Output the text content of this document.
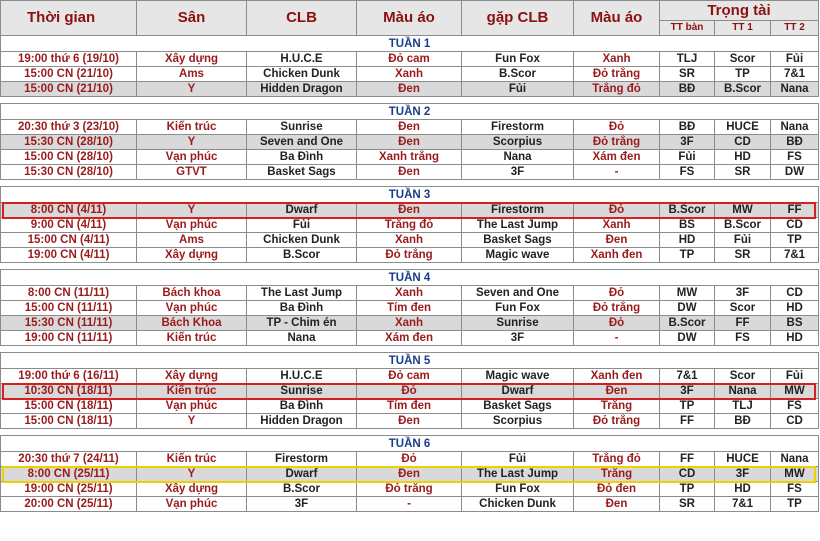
Thời gian	Sân	CLB	Màu áo	gặp CLB	Màu áo	Trọng tài		
						TT bàn	TT 1	TT 2
TUẦN 1								
19:00 thứ 6 (19/10)	Xây dựng	H.U.C.E	Đỏ cam	Fun Fox	Xanh	TLJ	Scor	Fủi
15:00 CN (21/10)	Ams	Chicken Dunk	Xanh	B.Scor	Đỏ trắng	SR	TP	7&1
15:00 CN (21/10)	Y	Hidden Dragon	Đen	Fủi	Trắng đỏ	BĐ	B.Scor	Nana

TUẦN 2								
20:30 thứ 3 (23/10)	Kiến trúc	Sunrise	Đen	Firestorm	Đỏ	BĐ	HUCE	Nana
15:30 CN (28/10)	Y	Seven and One	Đen	Scorpius	Đỏ trắng	3F	CD	BĐ
15:00 CN (28/10)	Vạn phúc	Ba Đình	Xanh trắng	Nana	Xám đen	Fủi	HD	FS
15:30 CN (28/10)	GTVT	Basket Sags	Đen	3F	-	FS	SR	DW

TUẦN 3								
8:00 CN (4/11)	Y	Dwarf	Đen	Firestorm	Đỏ	B.Scor	MW	FF
9:00 CN (4/11)	Vạn phúc	Fủi	Trắng đỏ	The Last Jump	Xanh	BS	B.Scor	CD
15:00 CN (4/11)	Ams	Chicken Dunk	Xanh	Basket Sags	Đen	HD	Fủi	TP
19:00 CN (4/11)	Xây dựng	B.Scor	Đỏ trắng	Magic wave	Xanh đen	TP	SR	7&1

TUẦN 4								
8:00 CN (11/11)	Bách khoa	The Last Jump	Xanh	Seven and One	Đỏ	MW	3F	CD
15:00 CN (11/11)	Vạn phúc	Ba Đình	Tím đen	Fun Fox	Đỏ trắng	DW	Scor	HD
15:30 CN (11/11)	Bách Khoa	TP - Chim én	Xanh	Sunrise	Đỏ	B.Scor	FF	BS
19:00 CN (11/11)	Kiến trúc	Nana	Xám đen	3F	-	DW	FS	HD

TUẦN 5								
19:00 thứ 6 (16/11)	Xây dựng	H.U.C.E	Đỏ cam	Magic wave	Xanh đen	7&1	Scor	Fủi
10:30 CN (18/11)	Kiến trúc	Sunrise	Đỏ	Dwarf	Đen	3F	Nana	MW
15:00 CN (18/11)	Vạn phúc	Ba Đình	Tím đen	Basket Sags	Trắng	TP	TLJ	FS
15:00 CN (18/11)	Y	Hidden Dragon	Đen	Scorpius	Đỏ trắng	FF	BĐ	CD

TUẦN 6								
20:30 thứ 7 (24/11)	Kiến trúc	Firestorm	Đỏ	Fủi	Trắng đỏ	FF	HUCE	Nana
8:00 CN (25/11)	Y	Dwarf	Đen	The Last Jump	Trắng	CD	3F	MW
19:00 CN (25/11)	Xây dựng	B.Scor	Đỏ trắng	Fun Fox	Đỏ đen	TP	HD	FS
20:00 CN (25/11)	Vạn phúc	3F	-	Chicken Dunk	Đen	SR	7&1	TP
